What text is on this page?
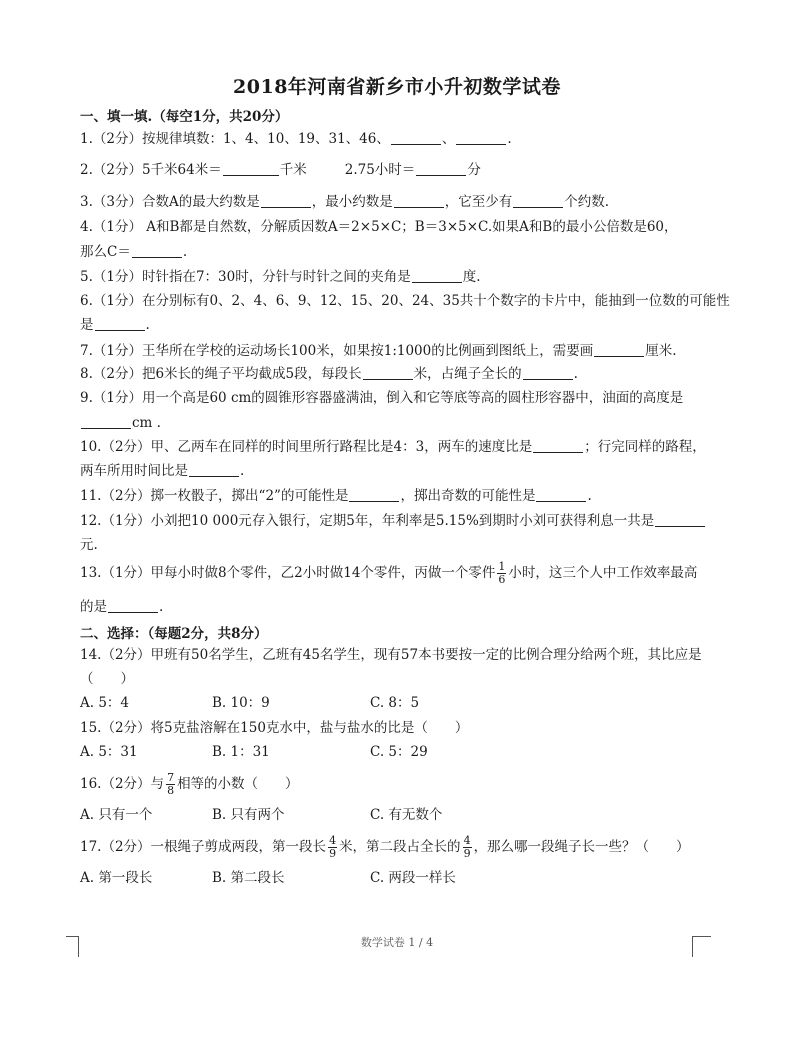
2018年河南省新乡市小升初数学试卷
一、填一填.（每空1分，共20分）
1.（2分）按规律填数：1、4、10、19、31、46、	、	.
2.（2分）5千米64米＝	千米	2.75小时＝	分
3.（3分）合数A的最大约数是	，最小约数是	，它至少有	个约数.
4.（1分） A和B都是自然数，分解质因数A＝2×5×C；B＝3×5×C.如果A和B的最小公倍数是60，
那么C＝	.
5.（1分）时针指在7：30时，分针与时针之间的夹角是	度.
6.（1分）在分别标有0、2、4、6、9、12、15、20、24、35共十个数字的卡片中，能抽到一位数的可能性
是	.
7.（1分）王华所在学校的运动场长100米，如果按1:1000的比例画到图纸上，需要画	厘米.
8.（2分）把6米长的绳子平均截成5段，每段长	米，占绳子全长的	.
9.（1分）用一个高是60 cm的圆锥形容器盛满油，倒入和它等底等高的圆柱形容器中，油面的高度是
cm .
10.（2分）甲、乙两车在同样的时间里所行路程比是4：3，两车的速度比是	；行完同样的路程，
两车所用时间比是	.
11.（2分）掷一枚骰子，掷出“2”的可能性是	，掷出奇数的可能性是	.
12.（1分）小刘把10 000元存入银行，定期5年，年利率是5.15%到期时小刘可获得利息一共是
元.
13.（1分）甲每小时做8个零件，乙2小时做14个零件，丙做一个零件 $\frac{1}{6}$ 小时，这三个人中工作效率最高
的是	.
二、选择：（每题2分，共8分）
14.（2分）甲班有50名学生，乙班有45名学生，现有57本书要按一定的比例合理分给两个班，其比应是
（　　）
A. 5：4	B. 10：9	C. 8：5
15.（2分）将5克盐溶解在150克水中，盐与盐水的比是（　　）
A. 5：31	B. 1：31	C. 5：29
16.（2分）与 $\frac{7}{8}$ 相等的小数（　　）
A. 只有一个	B. 只有两个	C. 有无数个
17.（2分）一根绳子剪成两段，第一段长 $\frac{4}{9}$ 米，第二段占全长的 $\frac{4}{9}$ ，那么哪一段绳子长一些？（　　）
A. 第一段长	B. 第二段长	C. 两段一样长
数学试卷 1 / 4
